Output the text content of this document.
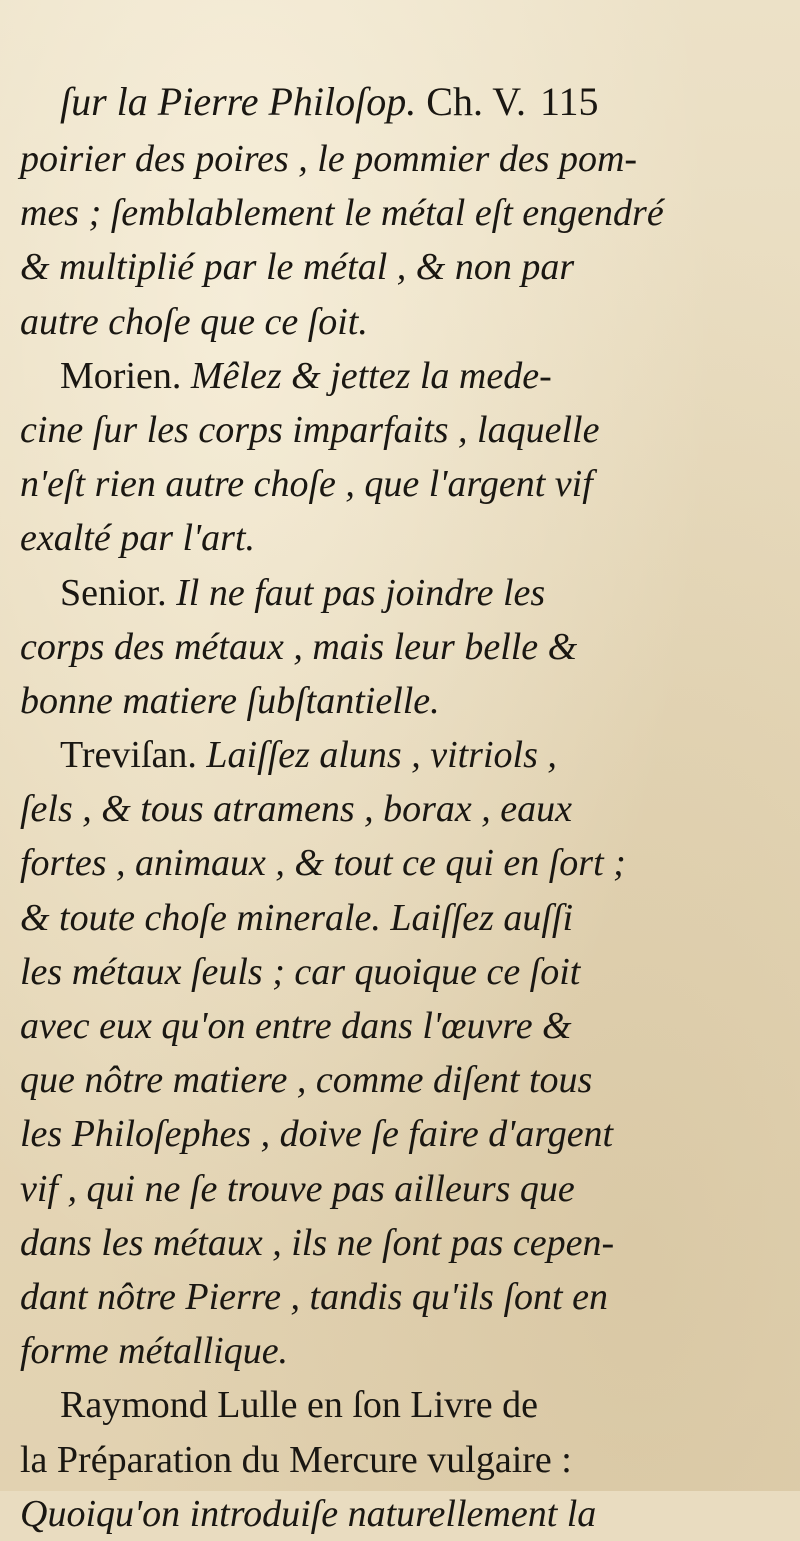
ſur la Pierre Philoſop. Ch. V. 115
poirier des poires , le pommier des pom-
mes ; ſemblablement le métal eſt engendré
& multiplié par le métal , & non par
autre choſe que ce ſoit.
Morien. Mêlez & jettez la mede-
cine ſur les corps imparfaits , laquelle
n'eſt rien autre choſe , que l'argent vif
exalté par l'art.
Senior. Il ne faut pas joindre les
corps des métaux , mais leur belle &
bonne matiere ſubſtantielle.
Treviſan. Laiſſez aluns , vitriols ,
ſels , & tous atramens , borax , eaux
fortes , animaux , & tout ce qui en ſort ;
& toute choſe minerale. Laiſſez auſſi
les métaux ſeuls ; car quoique ce ſoit
avec eux qu'on entre dans l'œuvre &
que nôtre matiere , comme diſent tous
les Philoſephes , doive ſe faire d'argent
vif , qui ne ſe trouve pas ailleurs que
dans les métaux , ils ne ſont pas cepen-
dant nôtre Pierre , tandis qu'ils ſont en
forme métallique.
Raymond Lulle en ſon Livre de
la Préparation du Mercure vulgaire :
Quoiqu'on introduiſe naturellement la
